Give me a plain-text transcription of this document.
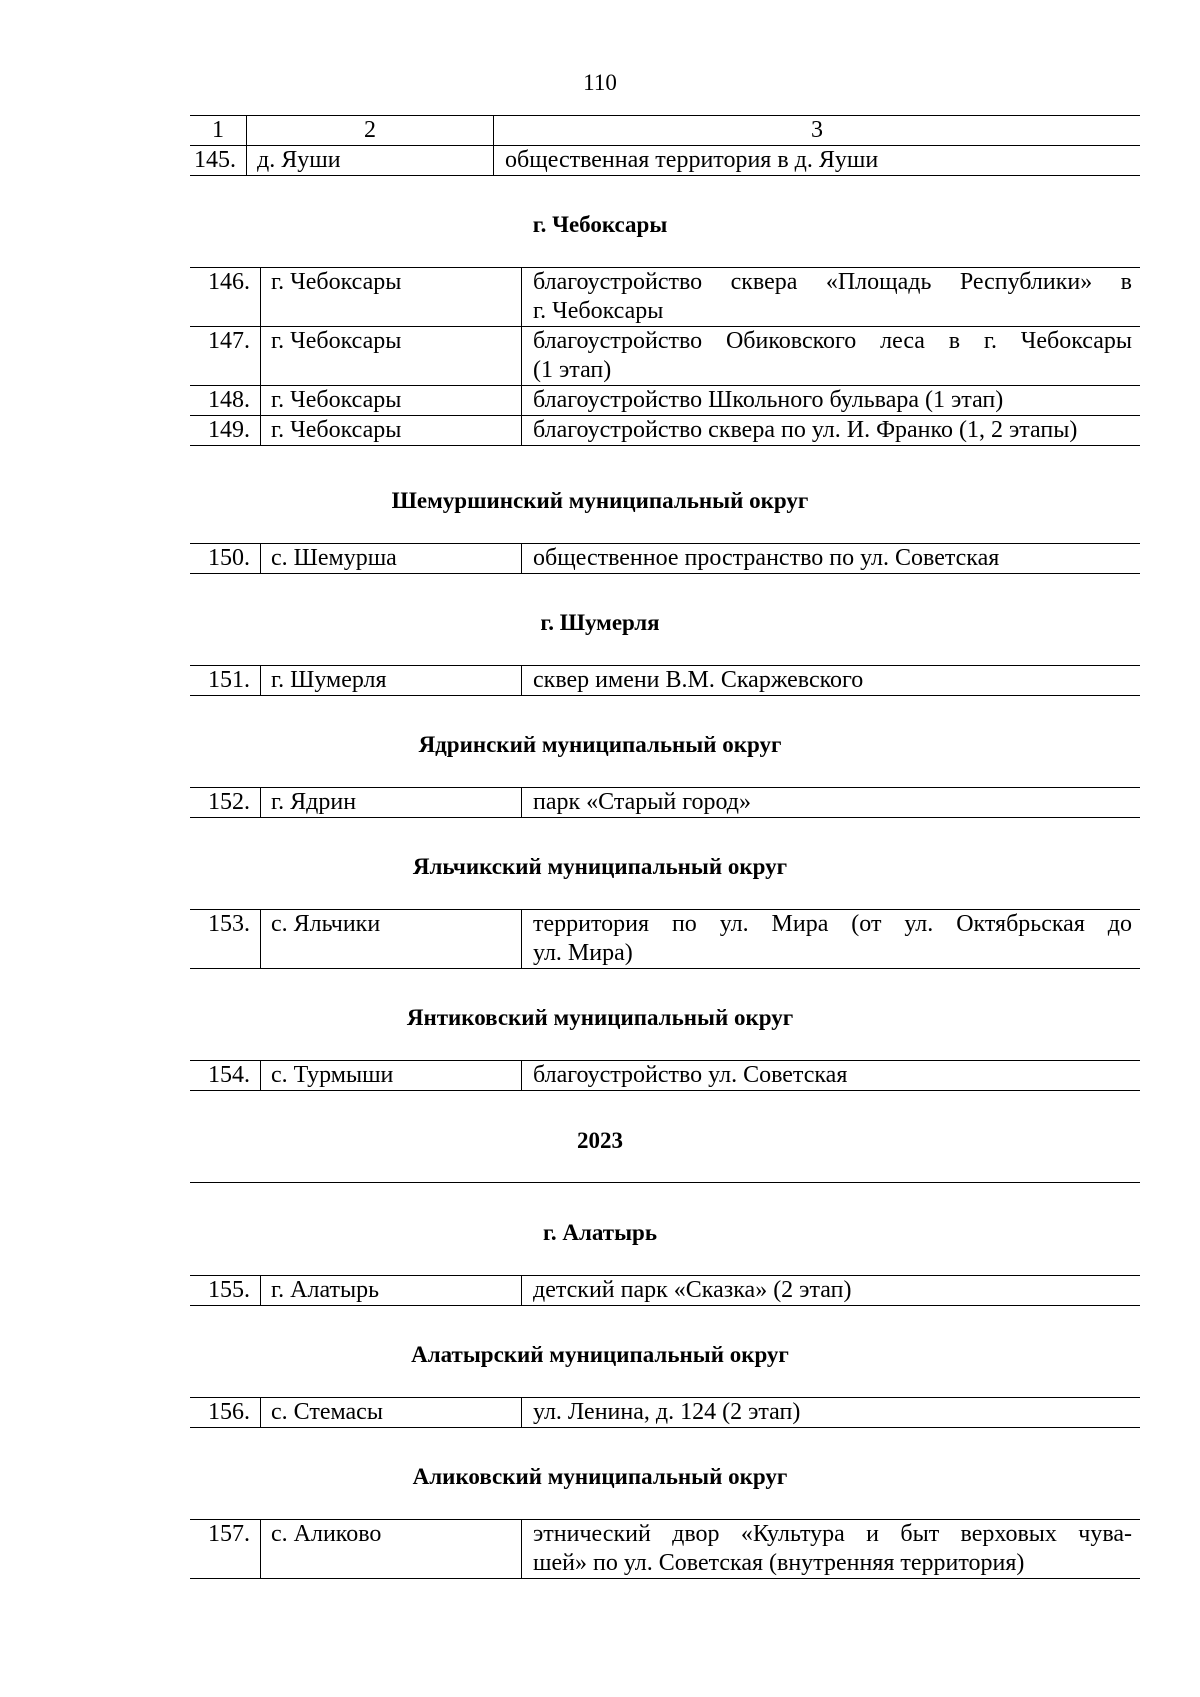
110
1	2	3
145.	д. Яуши	общественная территория в д. Яуши
г. Чебоксары
146.	г. Чебоксары	благоустройство сквера «Площадь Республики» в
г. Чебоксары

147.	г. Чебоксары	благоустройство Обиковского леса в г. Чебоксары
(1 этап)

148.	г. Чебоксары	благоустройство Школьного бульвара (1 этап)
149.	г. Чебоксары	благоустройство сквера по ул. И. Франко (1, 2 этапы)
Шемуршинский муниципальный округ
150.	с. Шемурша	общественное пространство по ул. Советская
г. Шумерля
151.	г. Шумерля	сквер имени В.М. Скаржевского
Ядринский муниципальный округ
152.	г. Ядрин	парк «Старый город»
Яльчикский муниципальный округ
153.	с. Яльчики	территория по ул. Мира (от ул. Октябрьская до
ул. Мира)
Янтиковский муниципальный округ
154.	с. Турмыши	благоустройство ул. Советская
2023
г. Алатырь
155.	г. Алатырь	детский парк «Сказка» (2 этап)
Алатырский муниципальный округ
156.	с. Стемасы	ул. Ленина, д. 124 (2 этап)
Аликовский муниципальный округ
157.	с. Аликово	этнический двор «Культура и быт верховых чува-
шей» по ул. Советская (внутренняя территория)
